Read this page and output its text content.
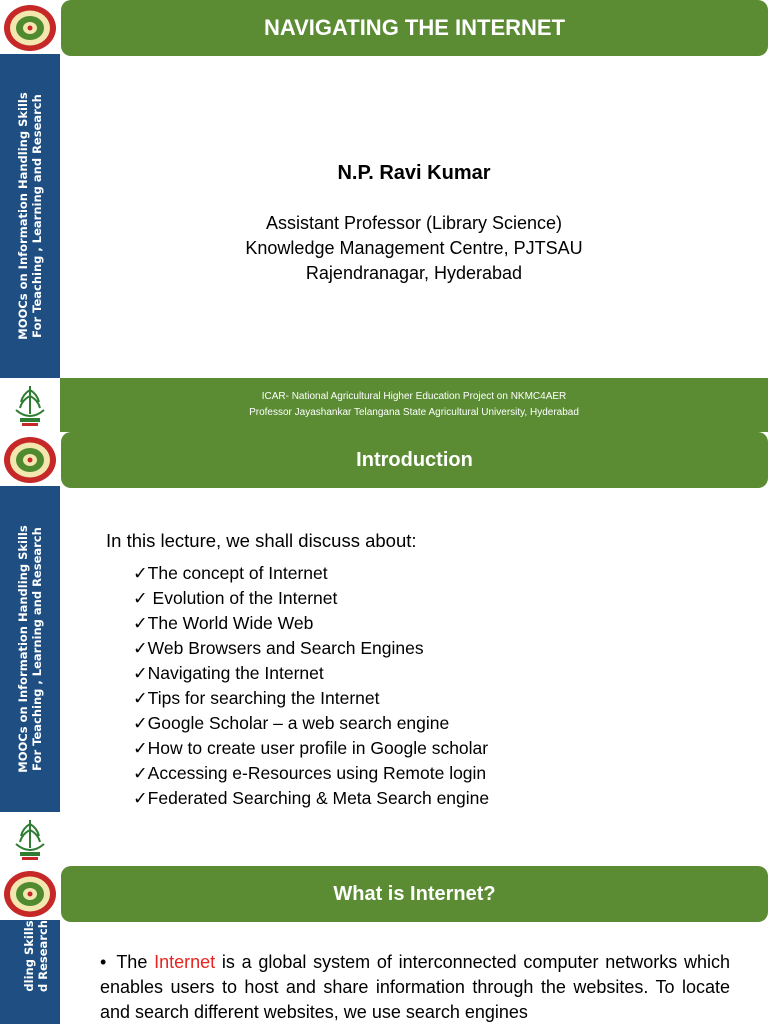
MOOCs on Information Handling Skills For Teaching , Learning and Research
NAVIGATING THE INTERNET
N.P. Ravi Kumar
Assistant Professor (Library Science)
Knowledge Management Centre, PJTSAU
Rajendranagar, Hyderabad
ICAR- National Agricultural Higher Education Project on NKMC4AER
Professor Jayashankar Telangana State Agricultural University, Hyderabad
MOOCs on Information Handling Skills For Teaching , Learning and Research
Introduction
In this lecture, we shall discuss about:
✓The concept of Internet
✓ Evolution of the Internet
✓The World Wide Web
✓Web Browsers and Search Engines
✓Navigating the Internet
✓Tips for searching the Internet
✓Google Scholar – a web search engine
✓How to create user profile in Google scholar
✓Accessing e-Resources using Remote login
✓Federated Searching & Meta Search engine
dling Skills d Research
What is Internet?
• The Internet is a global system of interconnected computer networks which enables users to host and share information through the websites. To locate and search different websites, we use search engines
